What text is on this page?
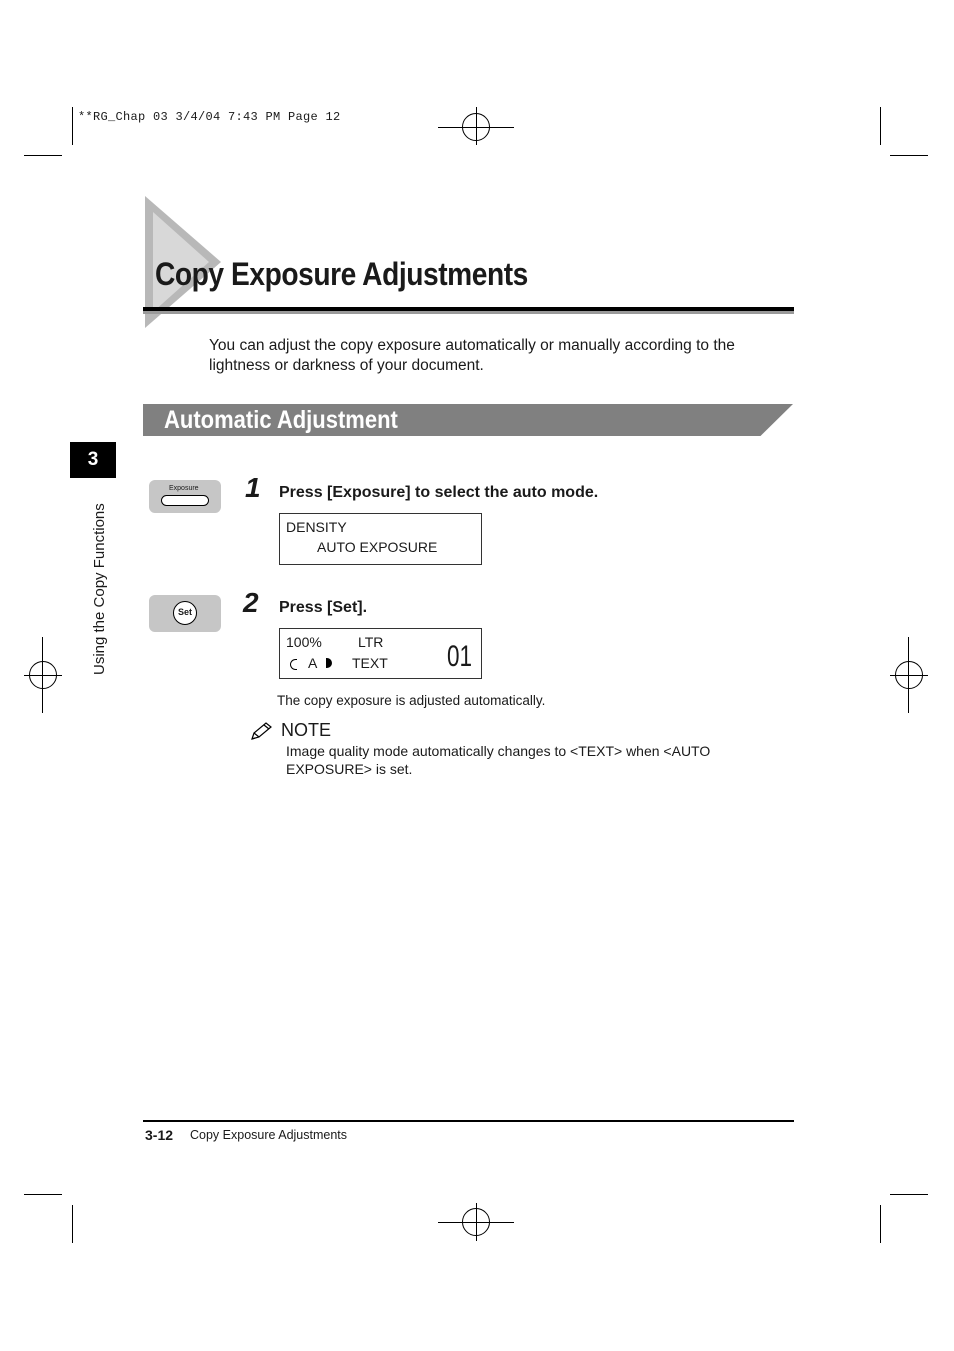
**RG_Chap 03 3/4/04 7:43 PM Page 12
Copy Exposure Adjustments
You can adjust the copy exposure automatically or manually according to the lightness or darkness of your document.
Automatic Adjustment
3
Using the Copy Functions
Exposure 1 Press [Exposure] to select the auto mode.
DENSITY
AUTO EXPOSURE
Set 2 Press [Set].
100%	LTR
A TEXT 01
The copy exposure is adjusted automatically.
NOTE
Image quality mode automatically changes to <TEXT> when <AUTO EXPOSURE> is set.
3-12 Copy Exposure Adjustments
